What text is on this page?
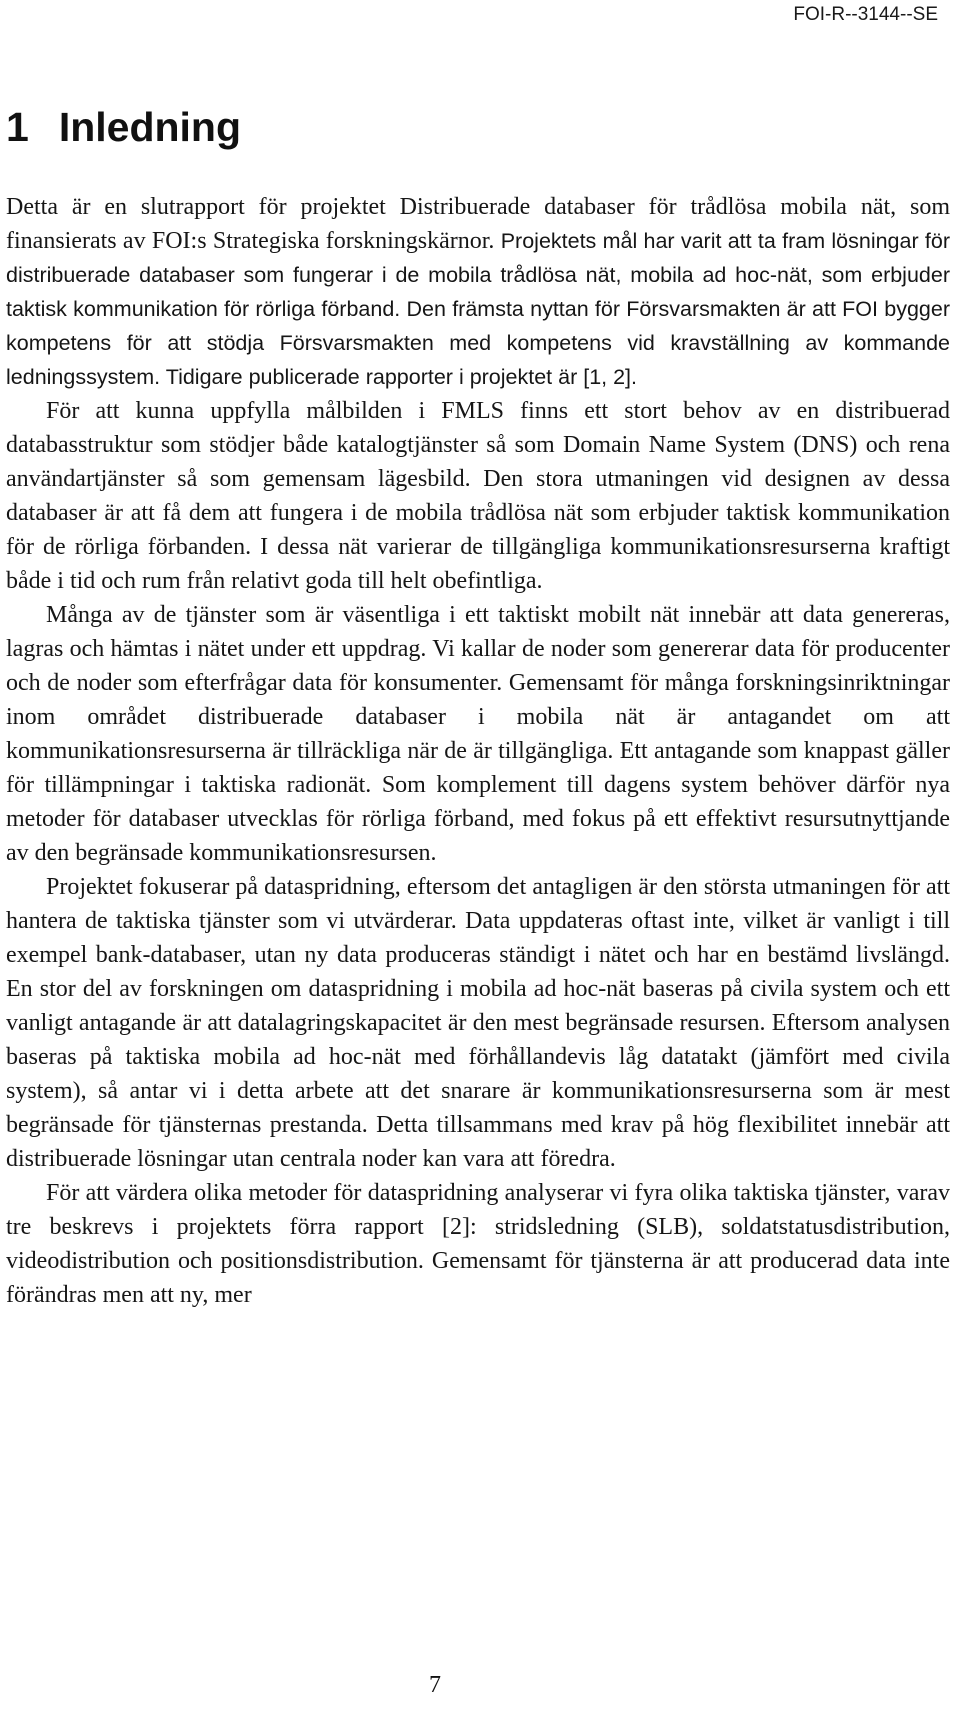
FOI-R--3144--SE
1 Inledning

Detta är en slutrapport för projektet Distribuerade databaser för trådlösa mobila nät, som finansierats av FOI:s Strategiska forskningskärnor. Projektets mål har varit att ta fram lösningar för distribuerade databaser som fungerar i de mobila trådlösa nät, mobila ad hoc-nät, som erbjuder taktisk kommunikation för rörliga förband. Den främsta nyttan för Försvarsmakten är att FOI bygger kompetens för att stödja Försvarsmakten med kompetens vid kravställning av kommande ledningssystem. Tidigare publicerade rapporter i projektet är [1, 2].

För att kunna uppfylla målbilden i FMLS finns ett stort behov av en distribuerad databasstruktur som stödjer både katalogtjänster så som Domain Name System (DNS) och rena användartjänster så som gemensam lägesbild. Den stora utmaningen vid designen av dessa databaser är att få dem att fungera i de mobila trådlösa nät som erbjuder taktisk kommunikation för de rörliga förbanden. I dessa nät varierar de tillgängliga kommunikationsresurserna kraftigt både i tid och rum från relativt goda till helt obefintliga.

Många av de tjänster som är väsentliga i ett taktiskt mobilt nät innebär att data genereras, lagras och hämtas i nätet under ett uppdrag. Vi kallar de noder som genererar data för producenter och de noder som efterfrågar data för konsumenter. Gemensamt för många forskningsinriktningar inom området distribuerade databaser i mobila nät är antagandet om att kommunikationsresurserna är tillräckliga när de är tillgängliga. Ett antagande som knappast gäller för tillämpningar i taktiska radionät. Som komplement till dagens system behöver därför nya metoder för databaser utvecklas för rörliga förband, med fokus på ett effektivt resursutnyttjande av den begränsade kommunikationsresursen.

Projektet fokuserar på dataspridning, eftersom det antagligen är den största utmaningen för att hantera de taktiska tjänster som vi utvärderar. Data uppdateras oftast inte, vilket är vanligt i till exempel bank-databaser, utan ny data produceras ständigt i nätet och har en bestämd livslängd. En stor del av forskningen om dataspridning i mobila ad hoc-nät baseras på civila system och ett vanligt antagande är att datalagringskapacitet är den mest begränsade resursen. Eftersom analysen baseras på taktiska mobila ad hoc-nät med förhållandevis låg datatakt (jämfört med civila system), så antar vi i detta arbete att det snarare är kommunikationsresurserna som är mest begränsade för tjänsternas prestanda. Detta tillsammans med krav på hög flexibilitet innebär att distribuerade lösningar utan centrala noder kan vara att föredra.

För att värdera olika metoder för dataspridning analyserar vi fyra olika taktiska tjänster, varav tre beskrevs i projektets förra rapport [2]: stridsledning (SLB), soldatstatusdistribution, videodistribution och positionsdistribution. Gemensamt för tjänsterna är att producerad data inte förändras men att ny, mer

7
